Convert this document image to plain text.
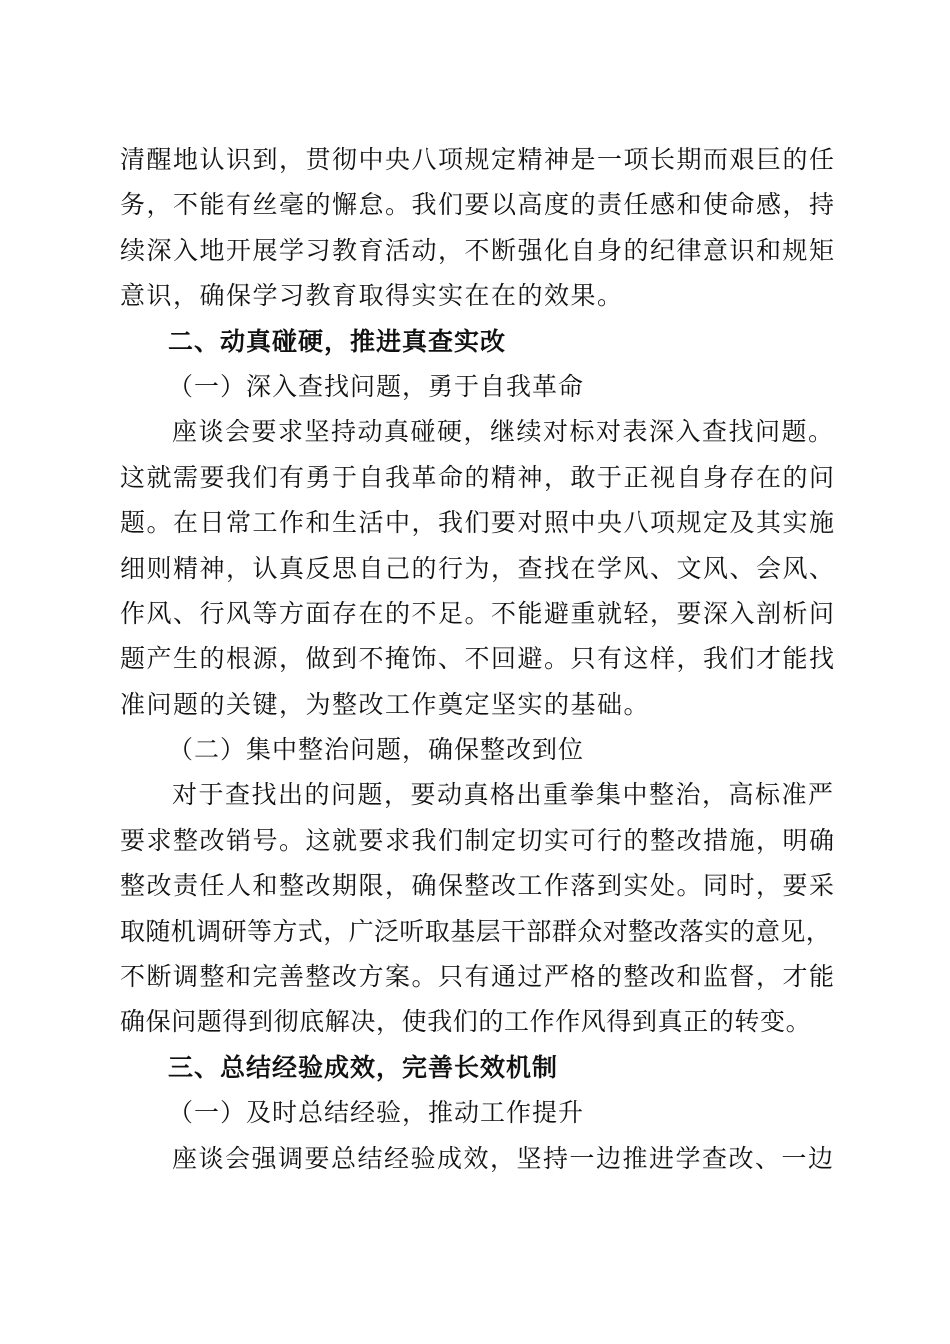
清醒地认识到，贯彻中央八项规定精神是一项长期而艰巨的任
务，不能有丝毫的懈怠。我们要以高度的责任感和使命感，持
续深入地开展学习教育活动，不断强化自身的纪律意识和规矩
意识，确保学习教育取得实实在在的效果。
二、动真碰硬，推进真查实改
（一）深入查找问题，勇于自我革命
座谈会要求坚持动真碰硬，继续对标对表深入查找问题。
这就需要我们有勇于自我革命的精神，敢于正视自身存在的问
题。在日常工作和生活中，我们要对照中央八项规定及其实施
细则精神，认真反思自己的行为，查找在学风、文风、会风、
作风、行风等方面存在的不足。不能避重就轻，要深入剖析问
题产生的根源，做到不掩饰、不回避。只有这样，我们才能找
准问题的关键，为整改工作奠定坚实的基础。
（二）集中整治问题，确保整改到位
对于查找出的问题，要动真格出重拳集中整治，高标准严
要求整改销号。这就要求我们制定切实可行的整改措施，明确
整改责任人和整改期限，确保整改工作落到实处。同时，要采
取随机调研等方式，广泛听取基层干部群众对整改落实的意见，
不断调整和完善整改方案。只有通过严格的整改和监督，才能
确保问题得到彻底解决，使我们的工作作风得到真正的转变。
三、总结经验成效，完善长效机制
（一）及时总结经验，推动工作提升
座谈会强调要总结经验成效，坚持一边推进学查改、一边
